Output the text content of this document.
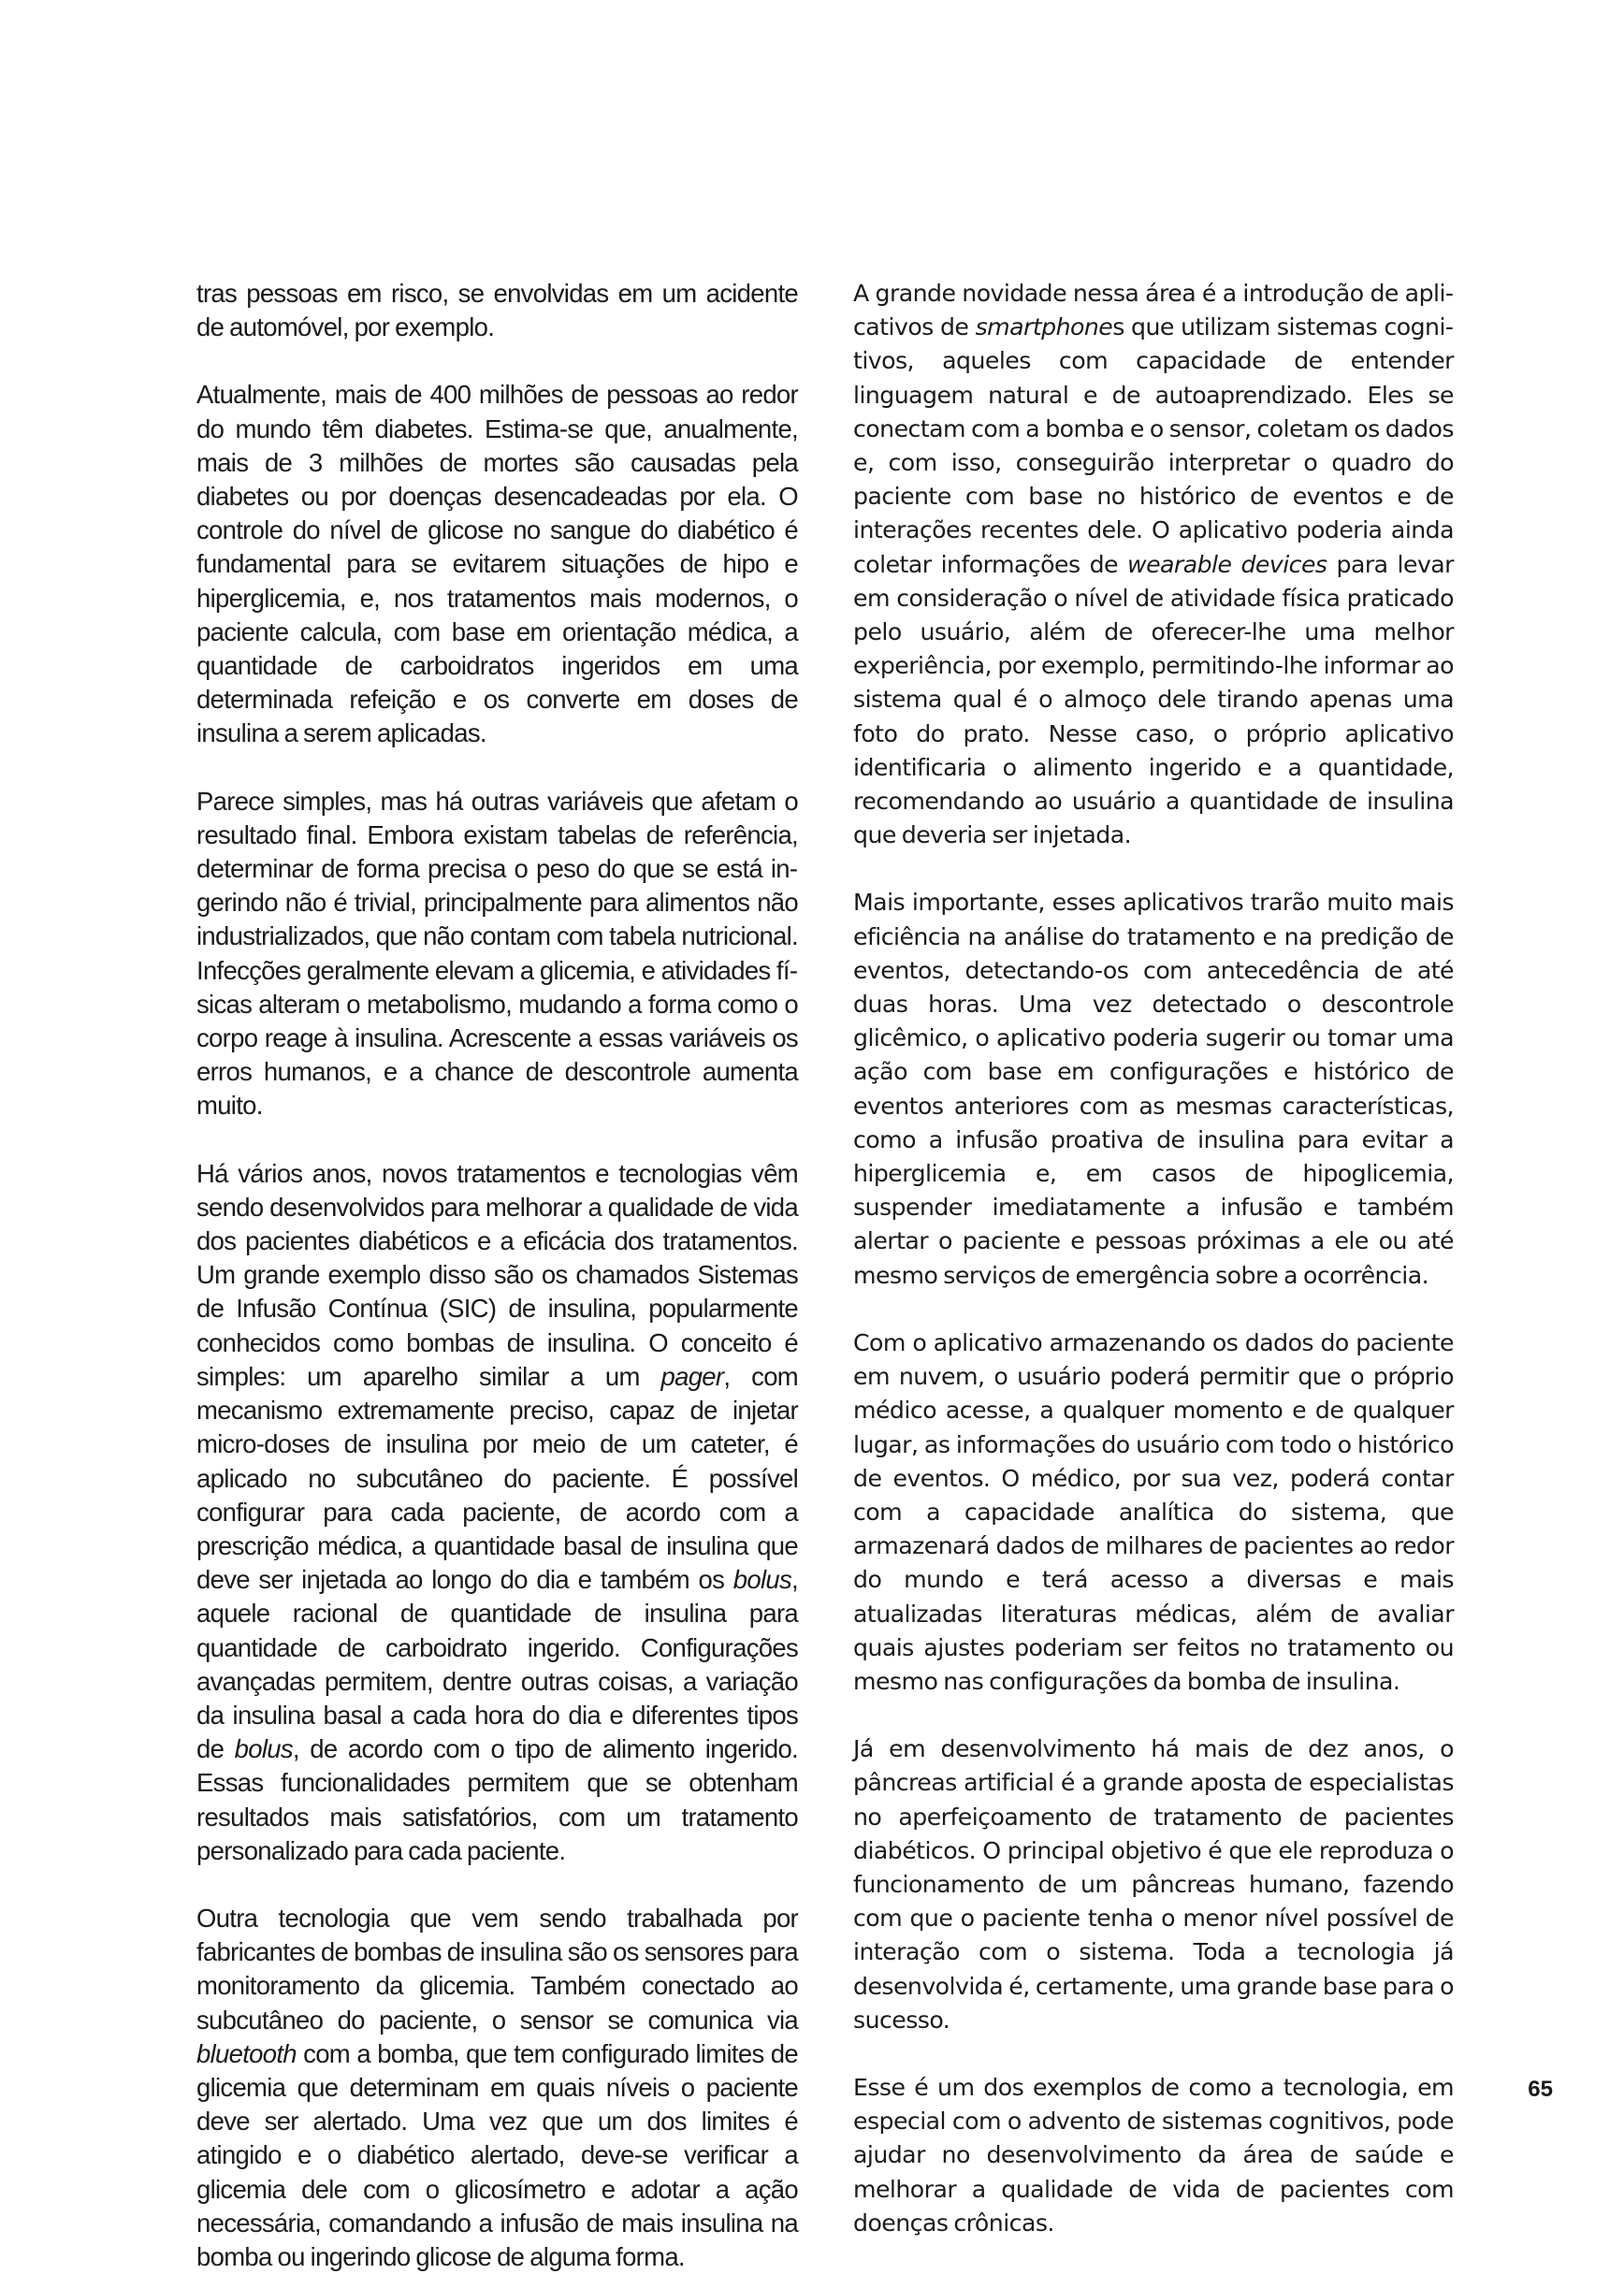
tras pessoas em risco, se envolvidas em um acidente de automóvel, por exemplo.

Atualmente, mais de 400 milhões de pessoas ao redor do mundo têm diabetes. Estima-se que, anualmente, mais de 3 milhões de mortes são causadas pela diabetes ou por doenças desencadeadas por ela. O controle do nível de glicose no sangue do diabético é fundamental para se evitarem situações de hipo e hiperglicemia, e, nos tratamentos mais modernos, o paciente calcula, com base em orientação médica, a quantidade de carboidratos ingeridos em uma determinada refeição e os converte em doses de insulina a serem aplicadas.

Parece simples, mas há outras variáveis que afetam o resultado final. Embora existam tabelas de referência, determinar de forma precisa o peso do que se está ingerindo não é trivial, principalmente para alimentos não industrializados, que não contam com tabela nutricional. Infecções geralmente elevam a glicemia, e atividades físicas alteram o metabolismo, mudando a forma como o corpo reage à insulina. Acrescente a essas variáveis os erros humanos, e a chance de descontrole aumenta muito.

Há vários anos, novos tratamentos e tecnologias vêm sendo desenvolvidos para melhorar a qualidade de vida dos pacientes diabéticos e a eficácia dos tratamentos. Um grande exemplo disso são os chamados Sistemas de Infusão Contínua (SIC) de insulina, popularmente conhecidos como bombas de insulina. O conceito é simples: um aparelho similar a um pager, com mecanismo extremamente preciso, capaz de injetar micro-doses de insulina por meio de um cateter, é aplicado no subcutâneo do paciente. É possível configurar para cada paciente, de acordo com a prescrição médica, a quantidade basal de insulina que deve ser injetada ao longo do dia e também os bolus, aquele racional de quantidade de insulina para quantidade de carboidrato ingerido. Configurações avançadas permitem, dentre outras coisas, a variação da insulina basal a cada hora do dia e diferentes tipos de bolus, de acordo com o tipo de alimento ingerido. Essas funcionalidades permitem que se obtenham resultados mais satisfatórios, com um tratamento personalizado para cada paciente.

Outra tecnologia que vem sendo trabalhada por fabricantes de bombas de insulina são os sensores para monitoramento da glicemia. Também conectado ao subcutâneo do paciente, o sensor se comunica via bluetooth com a bomba, que tem configurado limites de glicemia que determinam em quais níveis o paciente deve ser alertado. Uma vez que um dos limites é atingido e o diabético alertado, deve-se verificar a glicemia dele com o glicosímetro e adotar a ação necessária, comandando a infusão de mais insulina na bomba ou ingerindo glicose de alguma forma.

A grande novidade nessa área é a introdução de aplicativos de smartphones que utilizam sistemas cognitivos, aqueles com capacidade de entender linguagem natural e de autoaprendizado. Eles se conectam com a bomba e o sensor, coletam os dados e, com isso, conseguirão interpretar o quadro do paciente com base no histórico de eventos e de interações recentes dele. O aplicativo poderia ainda coletar informações de wearable devices para levar em consideração o nível de atividade física praticado pelo usuário, além de oferecer-lhe uma melhor experiência, por exemplo, permitindo-lhe informar ao sistema qual é o almoço dele tirando apenas uma foto do prato. Nesse caso, o próprio aplicativo identificaria o alimento ingerido e a quantidade, recomendando ao usuário a quantidade de insulina que deveria ser injetada.

Mais importante, esses aplicativos trarão muito mais eficiência na análise do tratamento e na predição de eventos, detectando-os com antecedência de até duas horas. Uma vez detectado o descontrole glicêmico, o aplicativo poderia sugerir ou tomar uma ação com base em configurações e histórico de eventos anteriores com as mesmas características, como a infusão proativa de insulina para evitar a hiperglicemia e, em casos de hipoglicemia, suspender imediatamente a infusão e também alertar o paciente e pessoas próximas a ele ou até mesmo serviços de emergência sobre a ocorrência.

Com o aplicativo armazenando os dados do paciente em nuvem, o usuário poderá permitir que o próprio médico acesse, a qualquer momento e de qualquer lugar, as informações do usuário com todo o histórico de eventos. O médico, por sua vez, poderá contar com a capacidade analítica do sistema, que armazenará dados de milhares de pacientes ao redor do mundo e terá acesso a diversas e mais atualizadas literaturas médicas, além de avaliar quais ajustes poderiam ser feitos no tratamento ou mesmo nas configurações da bomba de insulina.

Já em desenvolvimento há mais de dez anos, o pâncreas artificial é a grande aposta de especialistas no aperfeiçoamento de tratamento de pacientes diabéticos. O principal objetivo é que ele reproduza o funcionamento de um pâncreas humano, fazendo com que o paciente tenha o menor nível possível de interação com o sistema. Toda a tecnologia já desenvolvida é, certamente, uma grande base para o sucesso.

Esse é um dos exemplos de como a tecnologia, em especial com o advento de sistemas cognitivos, pode ajudar no desenvolvimento da área de saúde e melhorar a qualidade de vida de pacientes com doenças crônicas.

65
